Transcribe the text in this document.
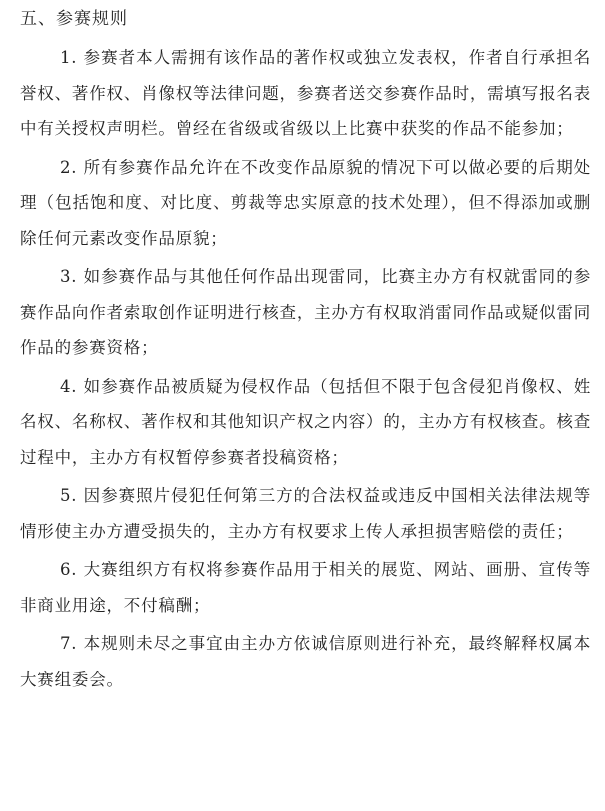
五、参赛规则

1. 参赛者本人需拥有该作品的著作权或独立发表权，作者自行承担名誉权、著作权、肖像权等法律问题，参赛者送交参赛作品时，需填写报名表中有关授权声明栏。曾经在省级或省级以上比赛中获奖的作品不能参加；

2. 所有参赛作品允许在不改变作品原貌的情况下可以做必要的后期处理（包括饱和度、对比度、剪裁等忠实原意的技术处理），但不得添加或删除任何元素改变作品原貌；

3. 如参赛作品与其他任何作品出现雷同，比赛主办方有权就雷同的参赛作品向作者索取创作证明进行核查，主办方有权取消雷同作品或疑似雷同作品的参赛资格；

4. 如参赛作品被质疑为侵权作品（包括但不限于包含侵犯肖像权、姓名权、名称权、著作权和其他知识产权之内容）的，主办方有权核查。核查过程中，主办方有权暂停参赛者投稿资格；

5. 因参赛照片侵犯任何第三方的合法权益或违反中国相关法律法规等情形使主办方遭受损失的，主办方有权要求上传人承担损害赔偿的责任；

6. 大赛组织方有权将参赛作品用于相关的展览、网站、画册、宣传等非商业用途，不付稿酬；

7. 本规则未尽之事宜由主办方依诚信原则进行补充，最终解释权属本大赛组委会。
